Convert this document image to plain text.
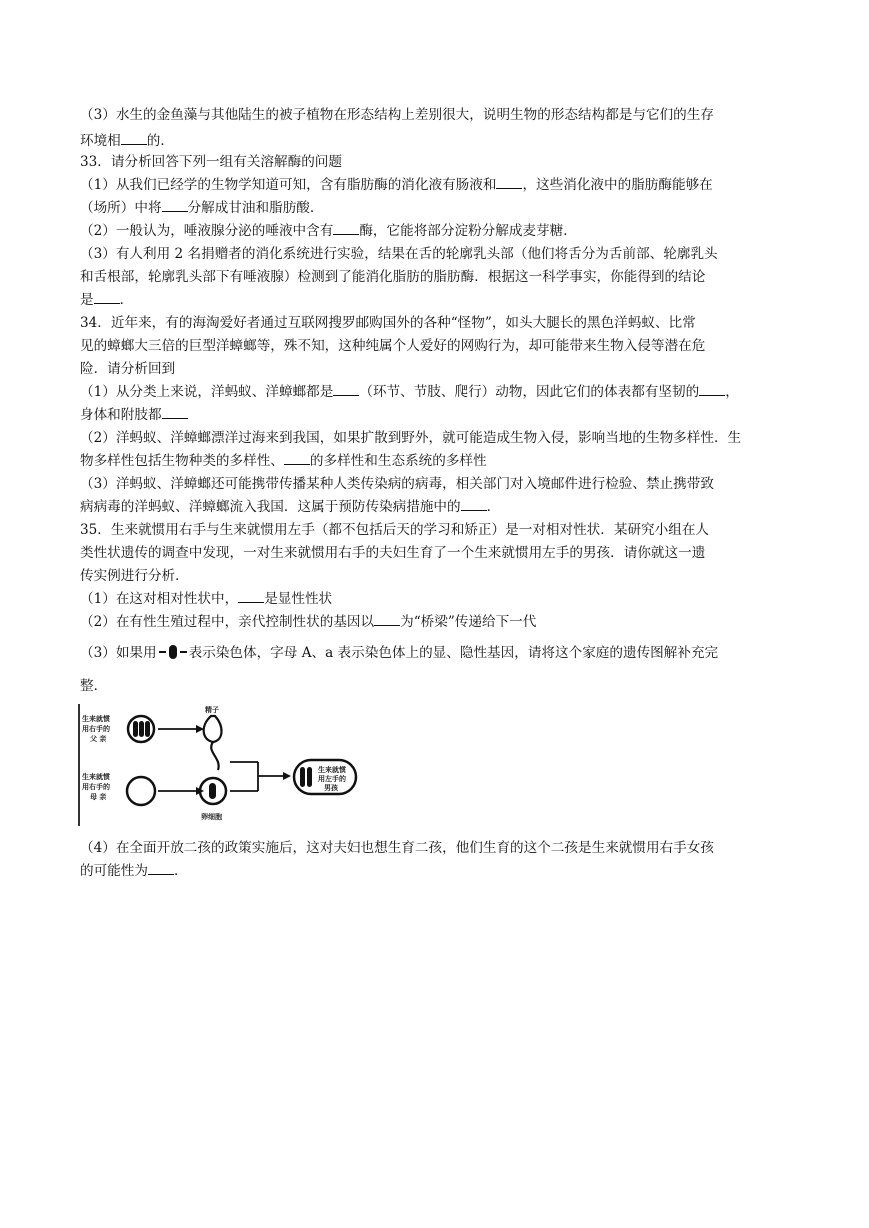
（3）水生的金鱼藻与其他陆生的被子植物在形态结构上差别很大，说明生物的形态结构都是与它们的生存
环境相 的．
33．请分析回答下列一组有关溶解酶的问题
（1）从我们已经学的生物学知道可知，含有脂肪酶的消化液有肠液和 ，这些消化液中的脂肪酶能够在
（场所）中将 分解成甘油和脂肪酸．
（2）一般认为，唾液腺分泌的唾液中含有 酶，它能将部分淀粉分解成麦芽糖．
（3）有人利用 2 名捐赠者的消化系统进行实验，结果在舌的轮廓乳头部（他们将舌分为舌前部、轮廓乳头
和舌根部，轮廓乳头部下有唾液腺）检测到了能消化脂肪的脂肪酶．根据这一科学事实，你能得到的结论
是 ．
34．近年来，有的海淘爱好者通过互联网搜罗邮购国外的各种“怪物”，如头大腿长的黑色洋蚂蚁、比常
见的蟑螂大三倍的巨型洋蟑螂等，殊不知，这种纯属个人爱好的网购行为，却可能带来生物入侵等潜在危
险．请分析回到
（1）从分类上来说，洋蚂蚁、洋蟑螂都是 （环节、节肢、爬行）动物，因此它们的体表都有坚韧的 ，
身体和附肢都
（2）洋蚂蚁、洋蟑螂漂洋过海来到我国，如果扩散到野外，就可能造成生物入侵，影响当地的生物多样性．生
物多样性包括生物种类的多样性、 的多样性和生态系统的多样性
（3）洋蚂蚁、洋蟑螂还可能携带传播某种人类传染病的病毒，相关部门对入境邮件进行检验、禁止携带致
病病毒的洋蚂蚁、洋蟑螂流入我国．这属于预防传染病措施中的 ．
35．生来就惯用右手与生来就惯用左手（都不包括后天的学习和矫正）是一对相对性状．某研究小组在人
类性状遗传的调查中发现，一对生来就惯用右手的夫妇生育了一个生来就惯用左手的男孩．请你就这一遗
传实例进行分析．
（1）在这对相对性状中， 是显性性状
（2）在有性生殖过程中，亲代控制性状的基因以 为“桥梁”传递给下一代
（3）如果用 表示染色体，字母 A、a 表示染色体上的显、隐性基因，请将这个家庭的遗传图解补充完
整．
生来就惯
用右手的
父 亲
精子
生来就惯
用右手的
母 亲
卵细胞
生来就惯
用左手的
男孩
（4）在全面开放二孩的政策实施后，这对夫妇也想生育二孩，他们生育的这个二孩是生来就惯用右手女孩
的可能性为 ．
